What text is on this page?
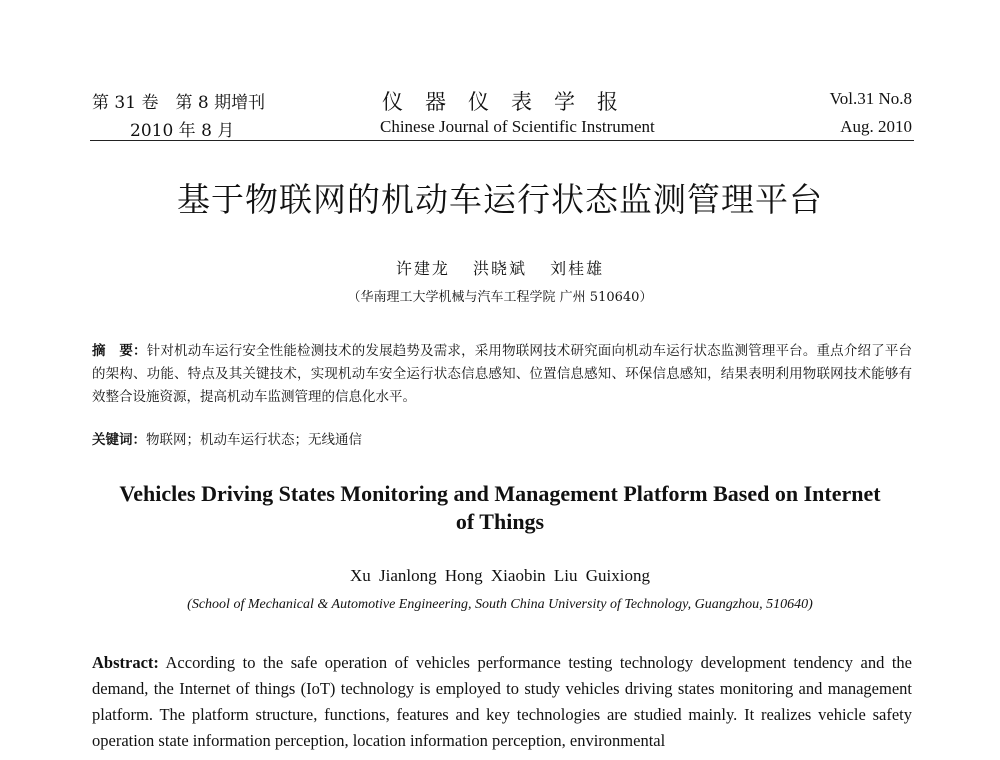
第 31 卷　第 8 期增刊
2010 年 8 月
仪器仪表学报
Chinese Journal of Scientific Instrument
Vol.31 No.8
Aug. 2010
基于物联网的机动车运行状态监测管理平台
许建龙 洪晓斌 刘桂雄
（华南理工大学机械与汽车工程学院 广州 510640）
摘　要：针对机动车运行安全性能检测技术的发展趋势及需求，采用物联网技术研究面向机动车运行状态监测管理平台。重点介绍了平台的架构、功能、特点及其关键技术，实现机动车安全运行状态信息感知、位置信息感知、环保信息感知，结果表明利用物联网技术能够有效整合设施资源，提高机动车监测管理的信息化水平。
关键词：物联网；机动车运行状态；无线通信
Vehicles Driving States Monitoring and Management Platform Based on Internet of Things
Xu Jianlong Hong Xiaobin Liu Guixiong
(School of Mechanical & Automotive Engineering, South China University of Technology, Guangzhou, 510640)
Abstract: According to the safe operation of vehicles performance testing technology development tendency and the demand, the Internet of things (IoT) technology is employed to study vehicles driving states monitoring and management platform. The platform structure, functions, features and key technologies are studied mainly. It realizes vehicle safety operation state information perception, location information perception, environmental
